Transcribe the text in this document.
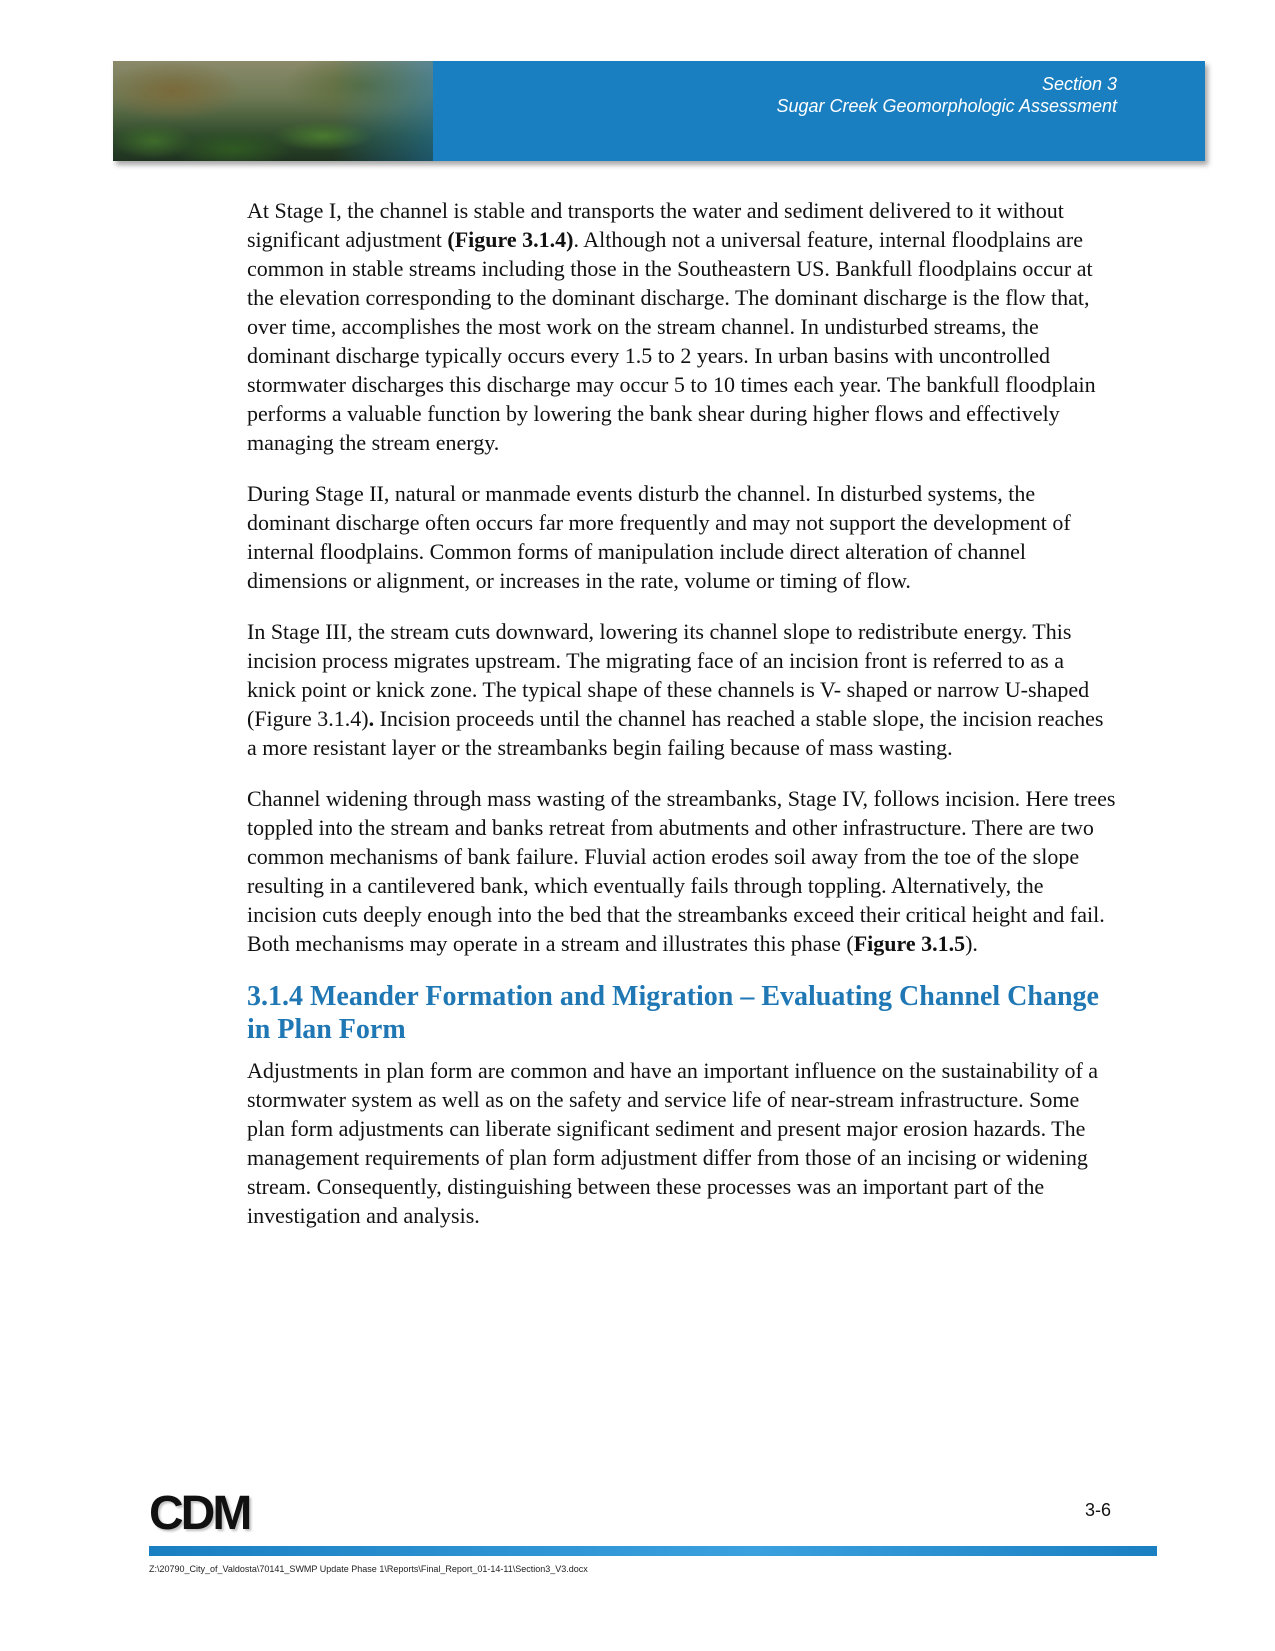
Section 3
Sugar Creek Geomorphologic Assessment

At Stage I, the channel is stable and transports the water and sediment delivered to it without significant adjustment (Figure 3.1.4). Although not a universal feature, internal floodplains are common in stable streams including those in the Southeastern US. Bankfull floodplains occur at the elevation corresponding to the dominant discharge. The dominant discharge is the flow that, over time, accomplishes the most work on the stream channel. In undisturbed streams, the dominant discharge typically occurs every 1.5 to 2 years. In urban basins with uncontrolled stormwater discharges this discharge may occur 5 to 10 times each year. The bankfull floodplain performs a valuable function by lowering the bank shear during higher flows and effectively managing the stream energy.

During Stage II, natural or manmade events disturb the channel. In disturbed systems, the dominant discharge often occurs far more frequently and may not support the development of internal floodplains. Common forms of manipulation include direct alteration of channel dimensions or alignment, or increases in the rate, volume or timing of flow.

In Stage III, the stream cuts downward, lowering its channel slope to redistribute energy. This incision process migrates upstream. The migrating face of an incision front is referred to as a knick point or knick zone. The typical shape of these channels is V- shaped or narrow U-shaped (Figure 3.1.4). Incision proceeds until the channel has reached a stable slope, the incision reaches a more resistant layer or the streambanks begin failing because of mass wasting.

Channel widening through mass wasting of the streambanks, Stage IV, follows incision. Here trees toppled into the stream and banks retreat from abutments and other infrastructure. There are two common mechanisms of bank failure. Fluvial action erodes soil away from the toe of the slope resulting in a cantilevered bank, which eventually fails through toppling. Alternatively, the incision cuts deeply enough into the bed that the streambanks exceed their critical height and fail. Both mechanisms may operate in a stream and illustrates this phase (Figure 3.1.5).

3.1.4 Meander Formation and Migration – Evaluating Channel Change in Plan Form

Adjustments in plan form are common and have an important influence on the sustainability of a stormwater system as well as on the safety and service life of near-stream infrastructure. Some plan form adjustments can liberate significant sediment and present major erosion hazards. The management requirements of plan form adjustment differ from those of an incising or widening stream. Consequently, distinguishing between these processes was an important part of the investigation and analysis.

CDM	3-6
Z:\20790_City_of_Valdosta\70141_SWMP Update Phase 1\Reports\Final_Report_01-14-11\Section3_V3.docx
